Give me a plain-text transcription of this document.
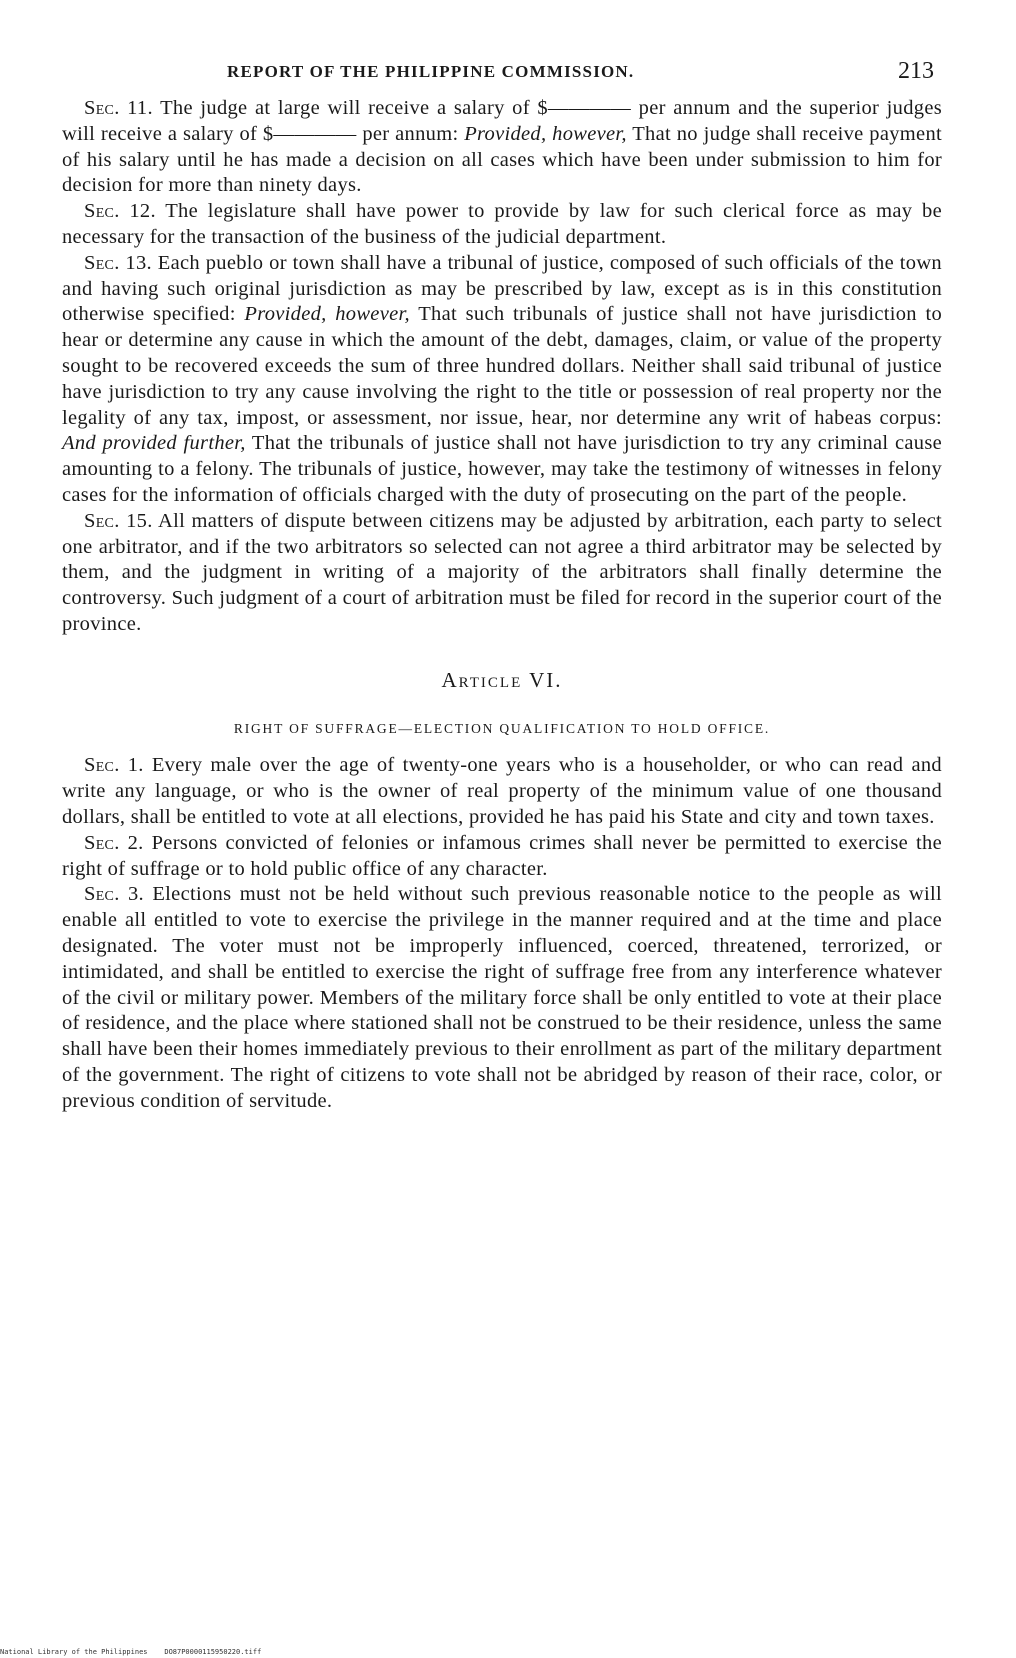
REPORT OF THE PHILIPPINE COMMISSION.	213

Sec. 11. The judge at large will receive a salary of $———— per annum and the superior judges will receive a salary of $———— per annum: Provided, however, That no judge shall receive payment of his salary until he has made a decision on all cases which have been under submission to him for decision for more than ninety days.

Sec. 12. The legislature shall have power to provide by law for such clerical force as may be necessary for the transaction of the business of the judicial department.

Sec. 13. Each pueblo or town shall have a tribunal of justice, composed of such officials of the town and having such original jurisdiction as may be prescribed by law, except as is in this constitution otherwise specified: Provided, however, That such tribunals of justice shall not have jurisdiction to hear or determine any cause in which the amount of the debt, damages, claim, or value of the property sought to be recovered exceeds the sum of three hundred dollars. Neither shall said tribunal of justice have jurisdiction to try any cause involving the right to the title or possession of real property nor the legality of any tax, impost, or assessment, nor issue, hear, nor determine any writ of habeas corpus: And provided further, That the tribunals of justice shall not have jurisdiction to try any criminal cause amounting to a felony. The tribunals of justice, however, may take the testimony of witnesses in felony cases for the information of officials charged with the duty of prosecuting on the part of the people.

Sec. 15. All matters of dispute between citizens may be adjusted by arbitration, each party to select one arbitrator, and if the two arbitrators so selected can not agree a third arbitrator may be selected by them, and the judgment in writing of a majority of the arbitrators shall finally determine the controversy. Such judgment of a court of arbitration must be filed for record in the superior court of the province.

Article VI.
RIGHT OF SUFFRAGE—ELECTION QUALIFICATION TO HOLD OFFICE.

Sec. 1. Every male over the age of twenty-one years who is a householder, or who can read and write any language, or who is the owner of real property of the minimum value of one thousand dollars, shall be entitled to vote at all elections, provided he has paid his State and city and town taxes.

Sec. 2. Persons convicted of felonies or infamous crimes shall never be permitted to exercise the right of suffrage or to hold public office of any character.

Sec. 3. Elections must not be held without such previous reasonable notice to the people as will enable all entitled to vote to exercise the privilege in the manner required and at the time and place designated. The voter must not be improperly influenced, coerced, threatened, terrorized, or intimidated, and shall be entitled to exercise the right of suffrage free from any interference whatever of the civil or military power. Members of the military force shall be only entitled to vote at their place of residence, and the place where stationed shall not be construed to be their residence, unless the same shall have been their homes immediately previous to their enrollment as part of the military department of the government. The right of citizens to vote shall not be abridged by reason of their race, color, or previous condition of servitude.

National Library of the Philippines    DO87P0000115950220.tiff
